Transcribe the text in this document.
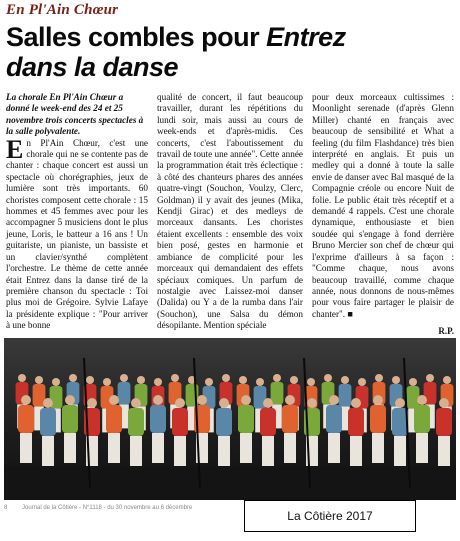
En Pl'Ain Chœur
Salles combles pour Entrez
dans la danse

La chorale En Pl'Ain Chœur a donné le week-end des 24 et 25 novembre trois concerts spectacles à la salle polyvalente.

En Pl'Ain Chœur, c'est une chorale qui ne se contente pas de chanter : chaque concert est aussi un spectacle où chorégraphies, jeux de lumière sont très importants. 60 choristes composent cette chorale : 15 hommes et 45 femmes avec pour les accompagner 5 musiciens dont le plus jeune, Loris, le batteur a 16 ans ! Un guitariste, un pianiste, un bassiste et un clavier/synthé complètent l'orchestre. Le thème de cette année était Entrez dans la danse tiré de la première chanson du spectacle : Toi plus moi de Grégoire. Sylvie Lafaye la présidente explique : "Pour arriver à une bonne

qualité de concert, il faut beaucoup travailler, durant les répétitions du lundi soir, mais aussi au cours de week-ends et d'après-midis. Ces concerts, c'est l'aboutissement du travail de toute une année". Cette année la programmation était très éclectique : à côté des chanteurs phares des années quatre-vingt (Souchon, Voulzy, Clerc, Goldman) il y avait des jeunes (Mika, Kendji Girac) et des medleys de morceaux dansants. Les choristes étaient excellents : ensemble des voix bien posé, gestes en harmonie et ambiance de complicité pour les morceaux qui demandaient des effets spéciaux comiques. Un parfum de nostalgie avec Laissez-moi danser (Dalida) ou Y a de la rumba dans l'air (Souchon), une Salsa du démon désopilante. Mention spéciale

pour deux morceaux cultissimes : Moonlight serenade (d'après Glenn Miller) chanté en français avec beaucoup de sensibilité et What a feeling (du film Flashdance) très bien interprété en anglais. Et puis un medley qui a donné à toute la salle envie de danser avec Bal masqué de la Compagnie créole ou encore Nuit de folie. Le public était très réceptif et a demandé 4 rappels. C'est une chorale dynamique, enthousiaste et bien soudée qui s'engage à fond derrière Bruno Mercier son chef de chœur qui l'exprime d'ailleurs à sa façon : "Comme chaque, nous avons beaucoup travaillé, comme chaque année, nous donnons de nous-mêmes pour vous faire partager le plaisir de chanter". ■

R.P.
8 Journal de la Côtière - N°1118 - du 30 novembre au 6 décembre
La Côtière 2017
